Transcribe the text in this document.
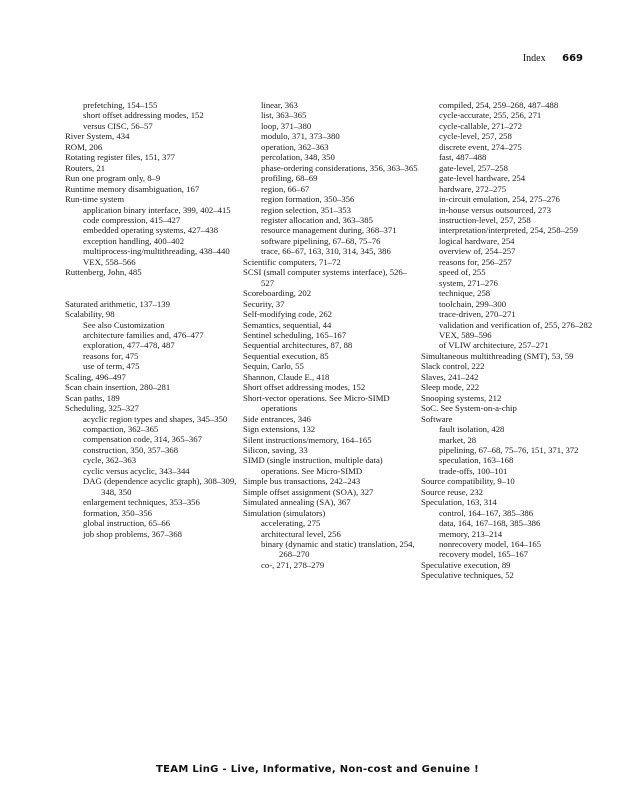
Index 669
prefetching, 154–155
short offset addressing modes, 152
versus CISC, 56–57
River System, 434
ROM, 206
Rotating register files, 151, 377
Routers, 21
Run one program only, 8–9
Runtime memory disambiguation, 167
Run-time system
application binary interface, 399, 402–415
code compression, 415–427
embedded operating systems, 427–438
exception handling, 400–402
multiprocess-ing/multithreading, 438–440
VEX, 558–566
Ruttenberg, John, 485
Saturated arithmetic, 137–139
Scalability, 98
See also Customization
architecture families and, 476–477
exploration, 477–478, 487
reasons for, 475
use of term, 475
Scaling, 496–497
Scan chain insertion, 280–281
Scan paths, 189
Scheduling, 325–327
acyclic region types and shapes, 345–350
compaction, 362–365
compensation code, 314, 365–367
construction, 350, 357–368
cycle, 362–363
cyclic versus acyclic, 343–344
DAG (dependence acyclic graph), 308–309, 348, 350
enlargement techniques, 353–356
formation, 350–356
global instruction, 65–66
job shop problems, 367–368
linear, 363
list, 363–365
loop, 371–380
modulo, 371, 373–380
operation, 362–363
percolation, 348, 350
phase-ordering considerations, 356, 363–365
profiling, 68–69
region, 66–67
region formation, 350–356
region selection, 351–353
register allocation and, 363–385
resource management during, 368–371
software pipelining, 67–68, 75–76
trace, 66–67, 163, 310, 314, 345, 386
Scientific computers, 71–72
SCSI (small computer systems interface), 526–527
Scoreboarding, 202
Security, 37
Self-modifying code, 262
Semantics, sequential, 44
Sentinel scheduling, 165–167
Sequential architectures, 87, 88
Sequential execution, 85
Sequin, Carlo, 55
Shannon, Claude E., 418
Short offset addressing modes, 152
Short-vector operations. See Micro-SIMD operations
Side entrances, 346
Sign extensions, 132
Silent instructions/memory, 164–165
Silicon, saving, 33
SIMD (single instruction, multiple data) operations. See Micro-SIMD
Simple bus transactions, 242–243
Simple offset assignment (SOA), 327
Simulated annealing (SA), 367
Simulation (simulators)
accelerating, 275
architectural level, 256
binary (dynamic and static) translation, 254, 268–270
co-, 271, 278–279
compiled, 254, 259–268, 487–488
cycle-accurate, 255, 256, 271
cycle-callable, 271–272
cycle-level, 257, 258
discrete event, 274–275
fast, 487–488
gate-level, 257–258
gate-level hardware, 254
hardware, 272–275
in-circuit emulation, 254, 275–276
in-house versus outsourced, 273
instruction-level, 257, 258
interpretation/interpreted, 254, 258–259
logical hardware, 254
overview of, 254–257
reasons for, 256–257
speed of, 255
system, 271–276
technique, 258
toolchain, 299–300
trace-driven, 270–271
validation and verification of, 255, 276–282
VEX, 589–596
of VLIW architecture, 257–271
Simultaneous multithreading (SMT), 53, 59
Slack control, 222
Slaves, 241–242
Sleep mode, 222
Snooping systems, 212
SoC. See System-on-a-chip
Software
fault isolation, 428
market, 28
pipelining, 67–68, 75–76, 151, 371, 372
speculation, 163–168
trade-offs, 100–101
Source compatibility, 9–10
Source reuse, 232
Speculation, 163, 314
control, 164–167, 385–386
data, 164, 167–168, 385–386
memory, 213–214
nonrecovery model, 164–165
recovery model, 165–167
Speculative execution, 89
Speculative techniques, 52
TEAM LinG - Live, Informative, Non-cost and Genuine !
